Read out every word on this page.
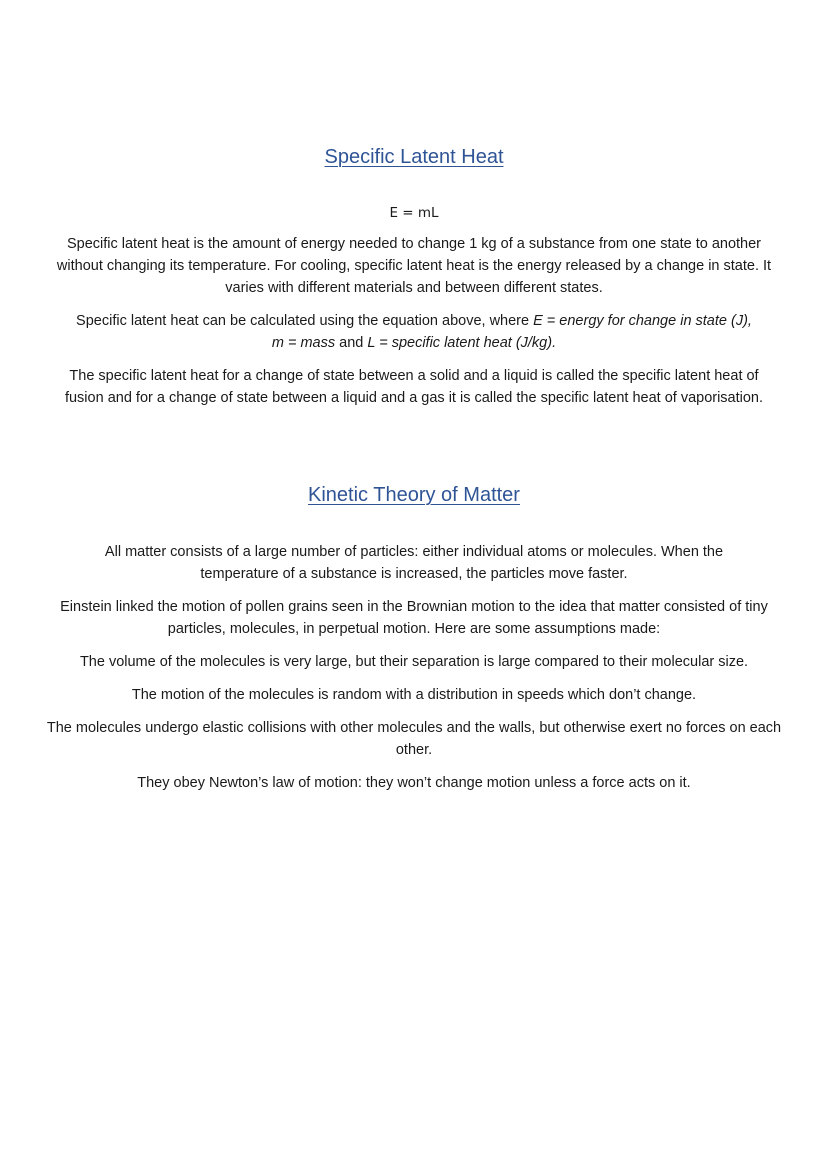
Specific Latent Heat

E = mL

Specific latent heat is the amount of energy needed to change 1 kg of a substance from one state to another without changing its temperature. For cooling, specific latent heat is the energy released by a change in state. It varies with different materials and between different states.

Specific latent heat can be calculated using the equation above, where E = energy for change in state (J),
m = mass and L = specific latent heat (J/kg).

The specific latent heat for a change of state between a solid and a liquid is called the specific latent heat of fusion and for a change of state between a liquid and a gas it is called the specific latent heat of vaporisation.

Kinetic Theory of Matter

All matter consists of a large number of particles: either individual atoms or molecules. When the temperature of a substance is increased, the particles move faster.

Einstein linked the motion of pollen grains seen in the Brownian motion to the idea that matter consisted of tiny particles, molecules, in perpetual motion. Here are some assumptions made:

The volume of the molecules is very large, but their separation is large compared to their molecular size.

The motion of the molecules is random with a distribution in speeds which don’t change.

The molecules undergo elastic collisions with other molecules and the walls, but otherwise exert no forces on each other.

They obey Newton’s law of motion: they won’t change motion unless a force acts on it.
